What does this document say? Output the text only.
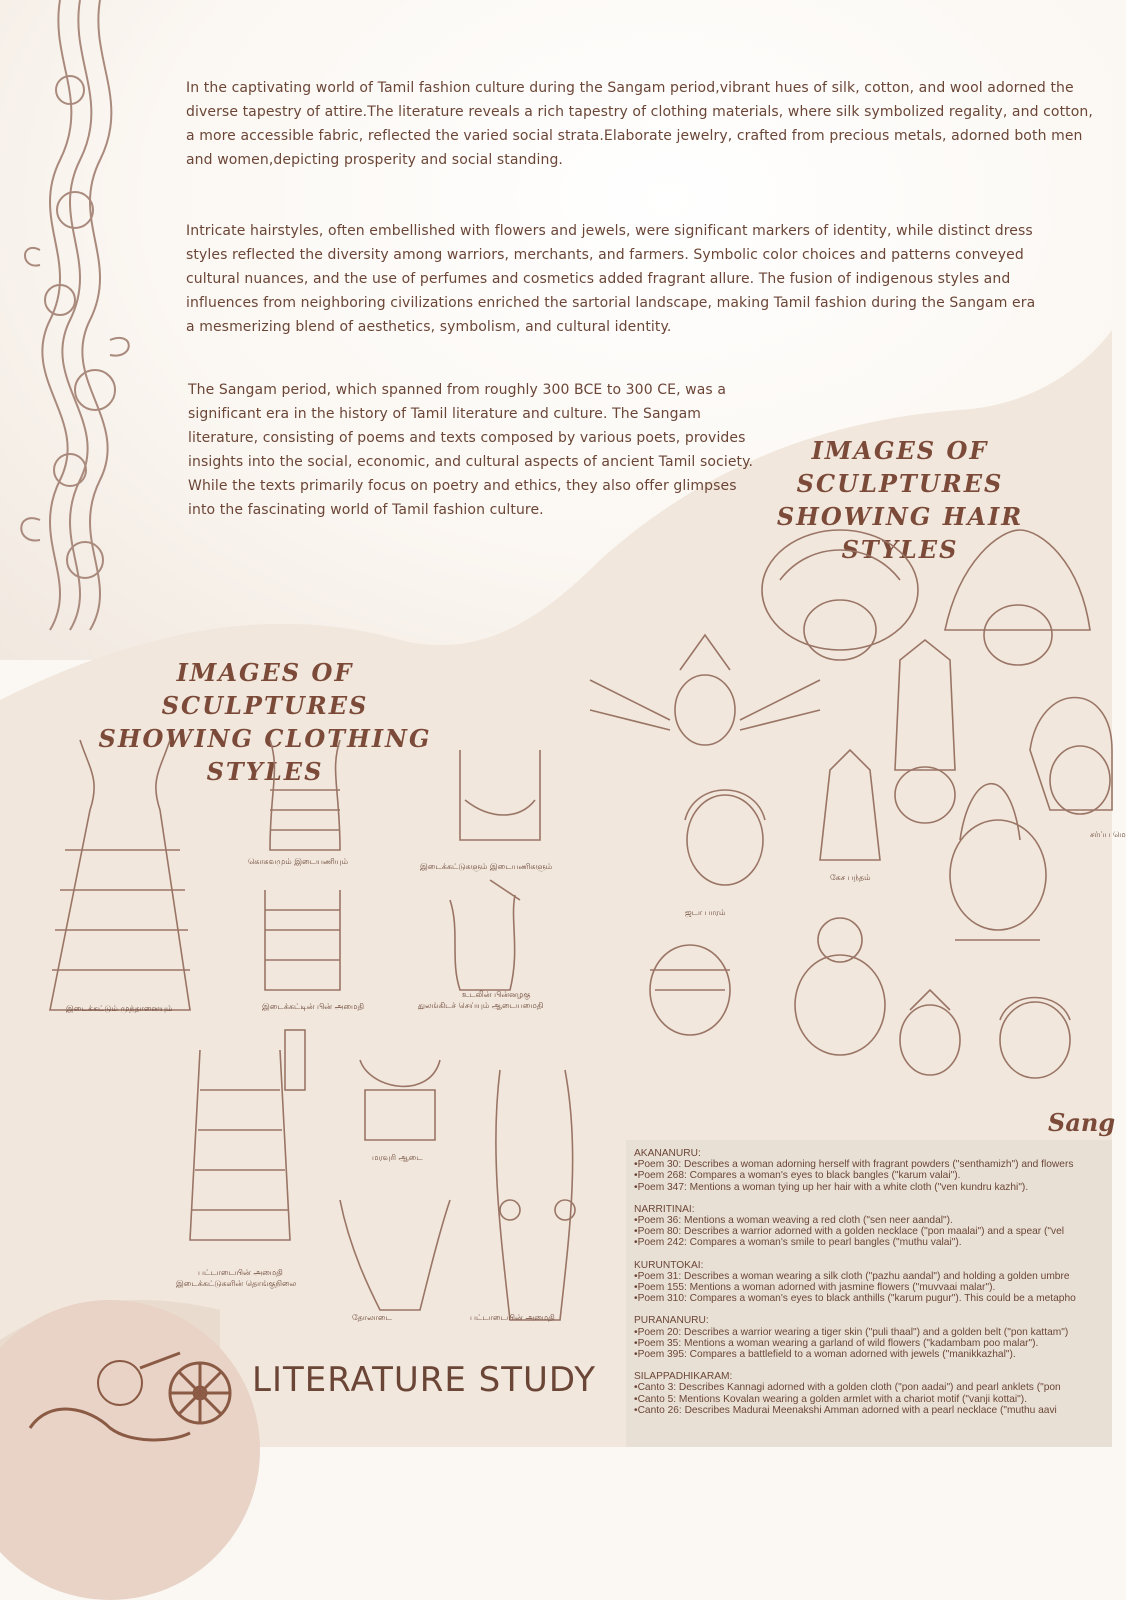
In the captivating world of Tamil fashion culture during the Sangam period,vibrant hues of silk, cotton, and wool adorned the diverse tapestry of attire.The literature reveals a rich tapestry of clothing materials, where silk symbolized regality, and cotton, a more accessible fabric, reflected the varied social strata.Elaborate jewelry, crafted from precious metals, adorned both men and women,depicting prosperity and social standing.

Intricate hairstyles, often embellished with flowers and jewels, were significant markers of identity, while distinct dress styles reflected the diversity among warriors, merchants, and farmers. Symbolic color choices and patterns conveyed cultural nuances, and the use of perfumes and cosmetics added fragrant allure. The fusion of indigenous styles and influences from neighboring civilizations enriched the sartorial landscape, making Tamil fashion during the Sangam era a mesmerizing blend of aesthetics, symbolism, and cultural identity.

The Sangam period, which spanned from roughly 300 BCE to 300 CE, was a significant era in the history of Tamil literature and culture. The Sangam literature, consisting of poems and texts composed by various poets, provides insights into the social, economic, and cultural aspects of ancient Tamil society. While the texts primarily focus on poetry and ethics, they also offer glimpses into the fascinating world of Tamil fashion culture.

IMAGES OF SCULPTURES SHOWING HAIR STYLES
IMAGES OF SCULPTURES SHOWING CLOTHING STYLES
ஜடா பாரம்
கேச பந்தம்
சர்ப்ப மெ
கொசுவமும் இடையணியும்
இடைக்கட்டுகளும் இடையணிகளும்
இடைக்கட்டும் முந்தானையும்	இடைக்கட்டின் பின் அமைதி
உடலின் பின்னழகு
துலங்கிடச் செய்யும் ஆடையமைதி
மரவுரி ஆடை
பட்டாடையின் அமைதி
இடைக்கட்டுகளின் தொங்குநிலை
தோலாடை	பட்டாடையின் அமைதி
Sang
AKANANURU:
•Poem 30: Describes a woman adorning herself with fragrant powders ("senthamizh") and flowers
•Poem 268: Compares a woman's eyes to black bangles ("karum valai").
•Poem 347: Mentions a woman tying up her hair with a white cloth ("ven kundru kazhi").
NARRITINAI:
•Poem 36: Mentions a woman weaving a red cloth ("sen neer aandal").
•Poem 80: Describes a warrior adorned with a golden necklace ("pon maalai") and a spear ("vel
•Poem 242: Compares a woman's smile to pearl bangles ("muthu valai").
KURUNTOKAI:
•Poem 31: Describes a woman wearing a silk cloth ("pazhu aandal") and holding a golden umbre
•Poem 155: Mentions a woman adorned with jasmine flowers ("muvvaai malar").
•Poem 310: Compares a woman's eyes to black anthills ("karum pugur"). This could be a metapho
PURANANURU:
•Poem 20: Describes a warrior wearing a tiger skin ("puli thaal") and a golden belt ("pon kattam")
•Poem 35: Mentions a woman wearing a garland of wild flowers ("kadambam poo malar").
•Poem 395: Compares a battlefield to a woman adorned with jewels ("manikkazhal").
SILAPPADHIKARAM:
•Canto 3: Describes Kannagi adorned with a golden cloth ("pon aadai") and pearl anklets ("pon
•Canto 5: Mentions Kovalan wearing a golden armlet with a chariot motif ("vanji kottai").
•Canto 26: Describes Madurai Meenakshi Amman adorned with a pearl necklace ("muthu aavi
LITERATURE STUDY
